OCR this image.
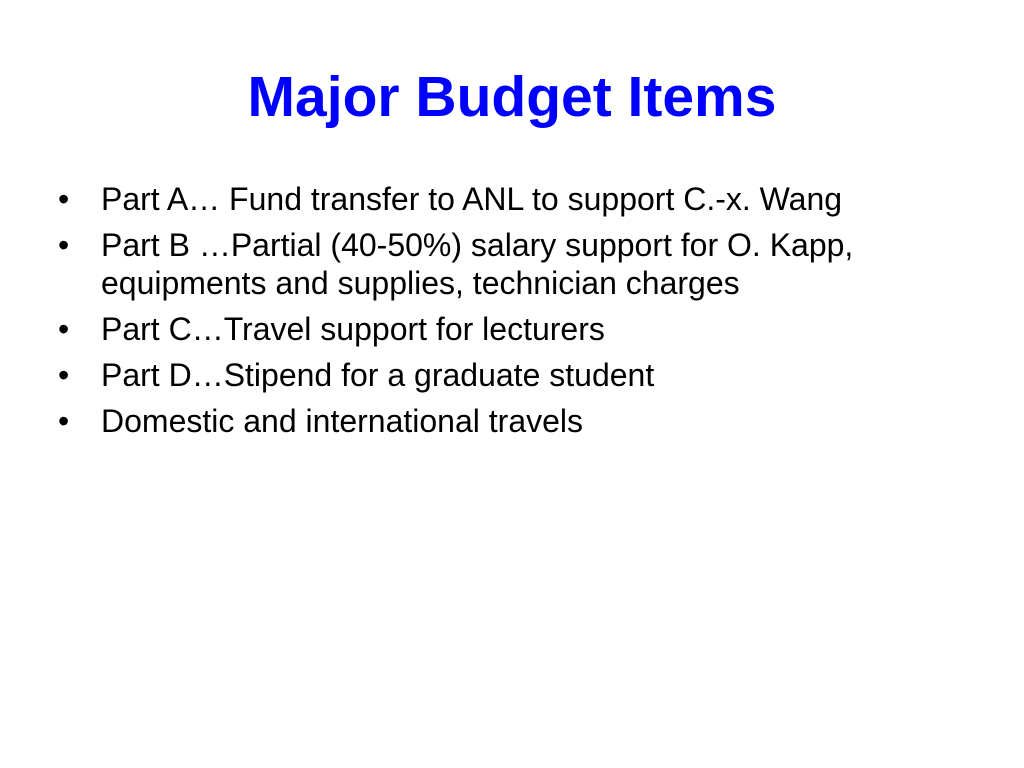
Major Budget Items
• Part A… Fund transfer to ANL to support C.-x. Wang
• Part B …Partial (40-50%) salary support for O. Kapp, equipments and supplies, technician charges
• Part C…Travel support for lecturers
• Part D…Stipend for a graduate student
• Domestic and international travels
